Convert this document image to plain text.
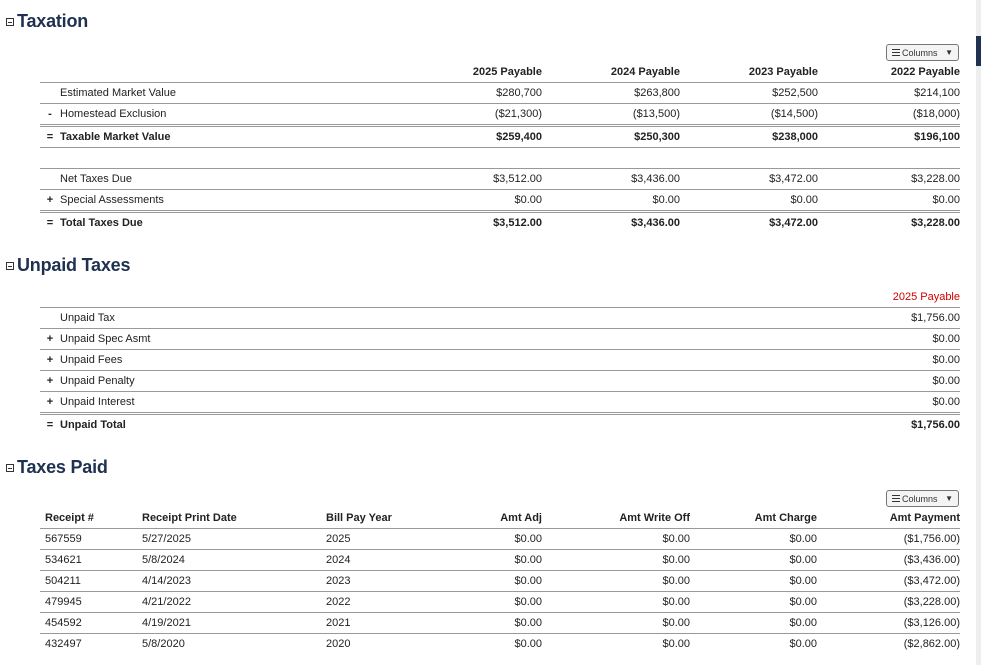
Taxation
Columns ▼
		2025 Payable	2024 Payable	2023 Payable	2022 Payable
	Estimated Market Value	$280,700	$263,800	$252,500	$214,100
-	Homestead Exclusion	($21,300)	($13,500)	($14,500)	($18,000)
=	Taxable Market Value	$259,400	$250,300	$238,000	$196,100
	Net Taxes Due	$3,512.00	$3,436.00	$3,472.00	$3,228.00
+	Special Assessments	$0.00	$0.00	$0.00	$0.00
=	Total Taxes Due	$3,512.00	$3,436.00	$3,472.00	$3,228.00
Unpaid Taxes
		2025 Payable
	Unpaid Tax	$1,756.00
+	Unpaid Spec Asmt	$0.00
+	Unpaid Fees	$0.00
+	Unpaid Penalty	$0.00
+	Unpaid Interest	$0.00
=	Unpaid Total	$1,756.00
Taxes Paid
Columns ▼
Receipt #	Receipt Print Date	Bill Pay Year	Amt Adj	Amt Write Off	Amt Charge	Amt Payment
567559	5/27/2025	2025	$0.00	$0.00	$0.00	($1,756.00)
534621	5/8/2024	2024	$0.00	$0.00	$0.00	($3,436.00)
504211	4/14/2023	2023	$0.00	$0.00	$0.00	($3,472.00)
479945	4/21/2022	2022	$0.00	$0.00	$0.00	($3,228.00)
454592	4/19/2021	2021	$0.00	$0.00	$0.00	($3,126.00)
432497	5/8/2020	2020	$0.00	$0.00	$0.00	($2,862.00)
